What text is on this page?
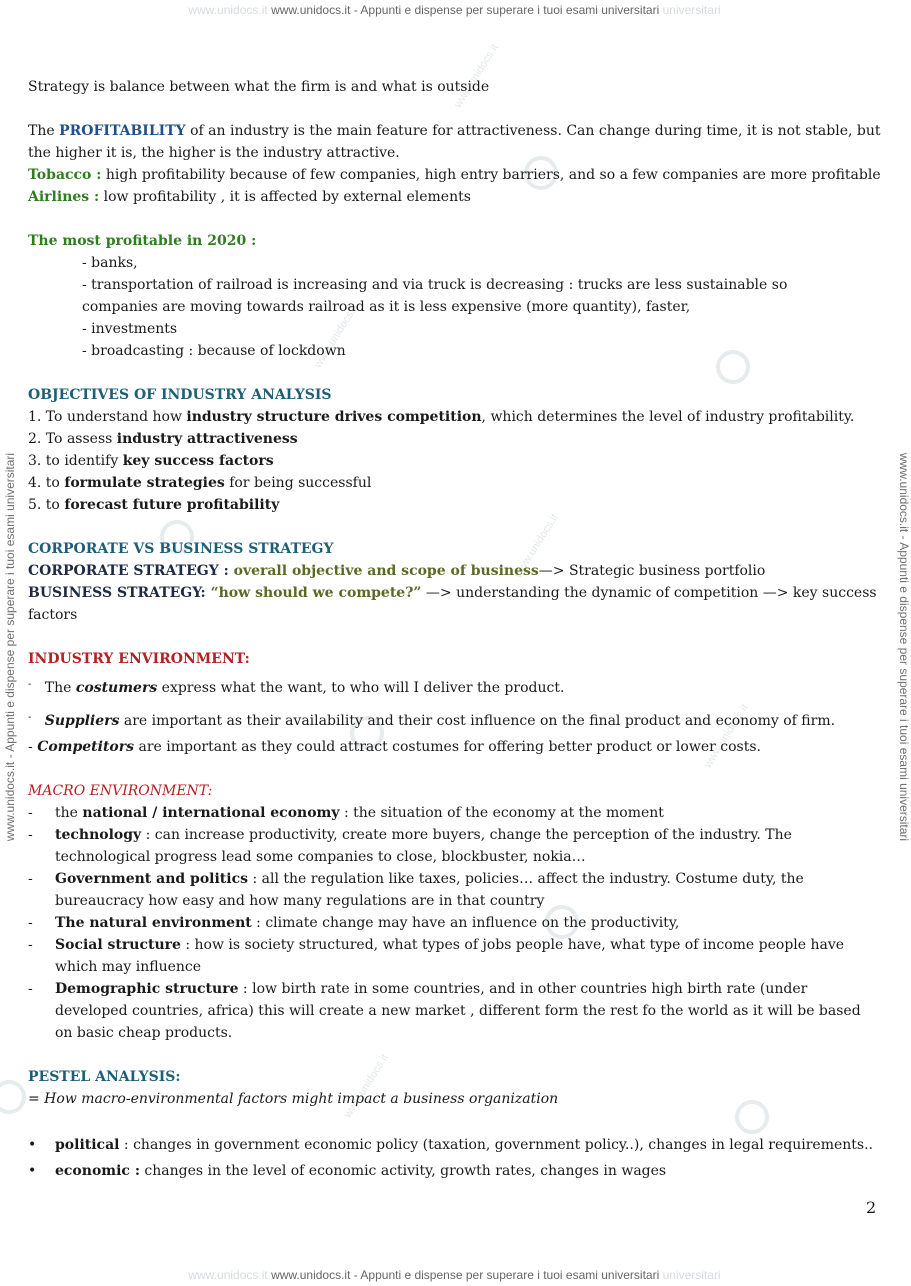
www.unidocs.it www.unidocs.it - Appunti e dispense per superare i tuoi esami universitari universitari
www.unidocs.it - Appunti e dispense per superare i tuoi esami universitari	www.unidocs.it - Appunti e dispense per superare i tuoi esami universitari
www.unidocs.it
www.unidocs.it
www.unidocs.it
www.unidocs.it
www.unidocs.it
Strategy is balance between what the firm is and what is outside
The PROFITABILITY of an industry is the main feature for attractiveness. Can change during time, it is not stable, but
the higher it is, the higher is the industry attractive.
Tobacco : high profitability because of few companies, high entry barriers, and so a few companies are more profitable
Airlines : low profitability , it is affected by external elements
The most profitable in 2020 :
- banks,
- transportation of railroad is increasing and via truck is decreasing : trucks are less sustainable so
companies are moving towards railroad as it is less expensive (more quantity), faster,
- investments
- broadcasting : because of lockdown
OBJECTIVES OF INDUSTRY ANALYSIS
1. To understand how industry structure drives competition, which determines the level of industry profitability.
2. To assess industry attractiveness
3. to identify key success factors
4. to formulate strategies for being successful
5. to forecast future profitability
CORPORATE VS BUSINESS STRATEGY
CORPORATE STRATEGY : overall objective and scope of business—> Strategic business portfolio
BUSINESS STRATEGY: “how should we compete?” —> understanding the dynamic of competition —> key success
factors
INDUSTRY ENVIRONMENT:
- The costumers express what the want, to who will I deliver the product.
- Suppliers are important as their availability and their cost influence on the final product and economy of firm.
- Competitors are important as they could attract costumes for offering better product or lower costs.
MACRO ENVIRONMENT:
- the national / international economy : the situation of the economy at the moment
- technology : can increase productivity, create more buyers, change the perception of the industry. The technological progress lead some companies to close, blockbuster, nokia…
- Government and politics : all the regulation like taxes, policies… affect the industry. Costume duty, the bureaucracy how easy and how many regulations are in that country
- The natural environment : climate change may have an influence on the productivity,
- Social structure : how is society structured, what types of jobs people have, what type of income people have which may influence
- Demographic structure : low birth rate in some countries, and in other countries high birth rate (under developed countries, africa) this will create a new market , different form the rest fo the world as it will be based on basic cheap products.
PESTEL ANALYSIS:
= How macro-environmental factors might impact a business organization
• political : changes in government economic policy (taxation, government policy..), changes in legal requirements..
• economic : changes in the level of economic activity, growth rates, changes in wages
2
www.unidocs.it www.unidocs.it - Appunti e dispense per superare i tuoi esami universitari universitari
